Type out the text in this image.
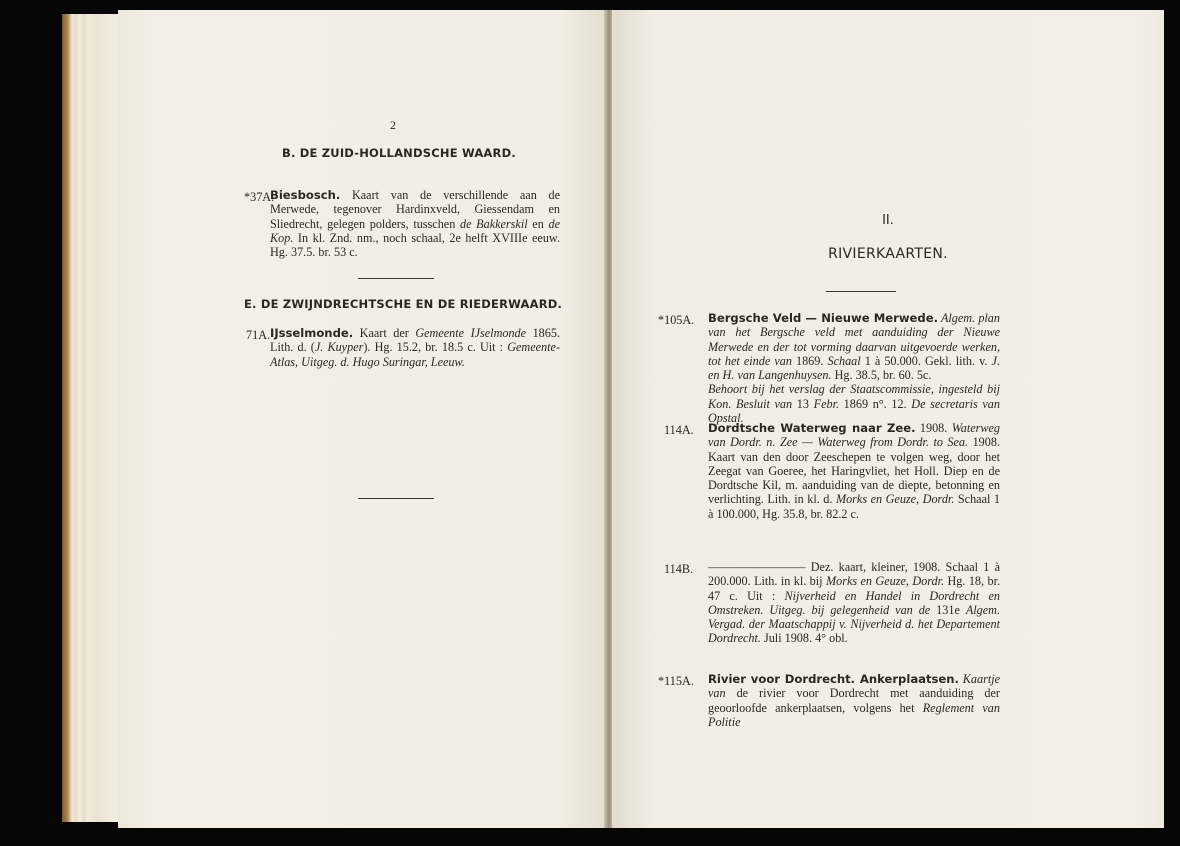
2
B. DE ZUID-HOLLANDSCHE WAARD.
*37A.
Biesbosch. Kaart van de verschillende aan de Merwede, tegenover Hardinxveld, Giessendam en Sliedrecht, gelegen polders, tusschen de Bakkerskil en de Kop. In kl. Znd. nm., noch schaal, 2e helft XVIIIe eeuw. Hg. 37.5. br. 53 c.
E. DE ZWIJNDRECHTSCHE EN DE RIEDERWAARD.
71A. IJsselmonde. Kaart der Gemeente IJselmonde 1865. Lith. d. (J. Kuyper). Hg. 15.2, br. 18.5 c. Uit : Gemeente-Atlas, Uitgeg. d. Hugo Suringar, Leeuw.
II.
RIVIERKAARTEN.
*105A. Bergsche Veld — Nieuwe Merwede. Algem. plan van het Bergsche veld met aanduiding der Nieuwe Merwede en der tot vorming daarvan uitgevoerde werken, tot het einde van 1869. Schaal 1 à 50.000. Gekl. lith. v. J. en H. van Langenhuysen. Hg. 38.5, br. 60. 5c.
Behoort bij het verslag der Staatscommissie, ingesteld bij Kon. Besluit van 13 Febr. 1869 n°. 12. De secretaris van Opstal.
114A. Dordtsche Waterweg naar Zee. 1908. Waterweg van Dordr. n. Zee — Waterweg from Dordr. to Sea. 1908. Kaart van den door Zeeschepen te volgen weg, door het Zeegat van Goeree, het Haringvliet, het Holl. Diep en de Dordtsche Kil, m. aanduiding van de diepte, betonning en verlichting. Lith. in kl. d. Morks en Geuze, Dordr. Schaal 1 à 100.000, Hg. 35.8, br. 82.2 c.
114B. ———————— Dez. kaart, kleiner, 1908. Schaal 1 à 200.000. Lith. in kl. bij Morks en Geuze, Dordr. Hg. 18, br. 47 c. Uit : Nijverheid en Handel in Dordrecht en Omstreken. Uitgeg. bij gelegenheid van de 131e Algem. Vergad. der Maatschappij v. Nijverheid d. het Departement Dordrecht. Juli 1908. 4° obl.
*115A. Rivier voor Dordrecht. Ankerplaatsen. Kaartje van de rivier voor Dordrecht met aanduiding der geoorloofde ankerplaatsen, volgens het Reglement van Politie
